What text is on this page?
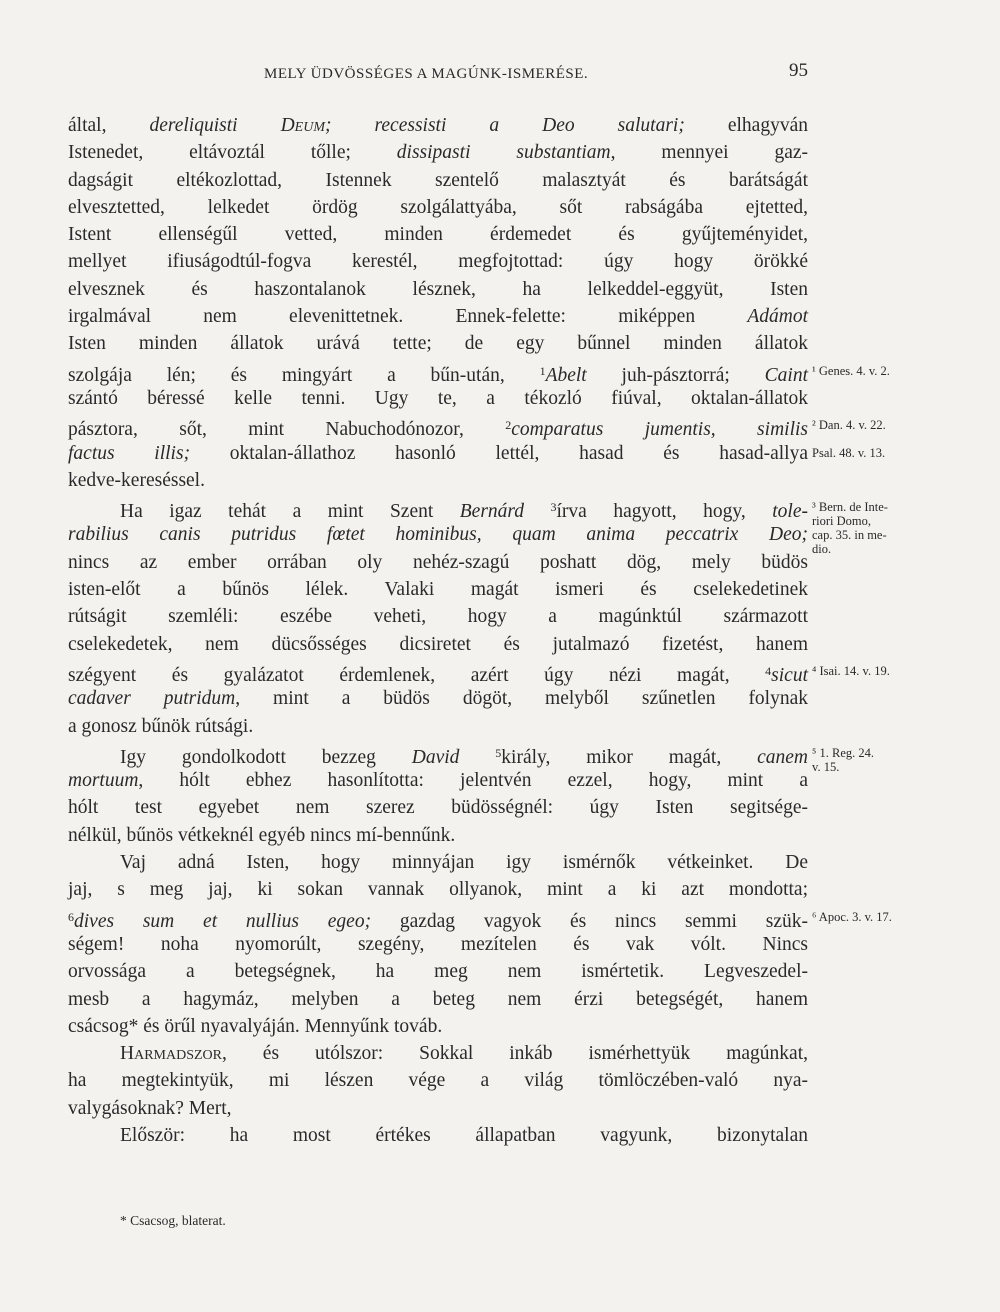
MELY ÜDVÖSSÉGES A MAGÚNK-ISMERÉSE.	95
által, dereliquisti Deum; recessisti a Deo salutari; elhagyván
Istenedet, eltávoztál tőlle; dissipasti substantiam, mennyei gaz-
dagságit eltékozlottad, Istennek szentelő malasztyát és barátságát
elvesztetted, lelkedet ördög szolgálattyába, sőt rabságába ejtetted,
Istent ellenségűl vetted, minden érdemedet és gyűjteményidet,
mellyet ifiuságodtúl-fogva kerestél, megfojtottad: úgy hogy örökké
elvesznek és haszontalanok lésznek, ha lelkeddel-eggyüt, Isten
irgalmával nem elevenittetnek. Ennek-felette: miképpen Adámot
Isten minden állatok urává tette; de egy bűnnel minden állatok
szolgája lén; és mingyárt a bűn-után, $^1$Abelt juh-pásztorrá; Caint
szántó béressé kelle tenni. Ugy te, a tékozló fiúval, oktalan-állatok
pásztora, sőt, mint Nabuchodónozor, $^2$comparatus jumentis, similis
factus illis; oktalan-állathoz hasonló lettél, hasad és hasad-allya
kedve-kereséssel.
Ha igaz tehát a mint Szent Bernárd $^3$írva hagyott, hogy, tole-
rabilius canis putridus fœtet hominibus, quam anima peccatrix Deo;
nincs az ember orrában oly nehéz-szagú poshatt dög, mely büdös
isten-előt a bűnös lélek. Valaki magát ismeri és cselekedetinek
rútságit szemléli: eszébe veheti, hogy a magúnktúl származott
cselekedetek, nem dücsősséges dicsiretet és jutalmazó fizetést, hanem
szégyent és gyalázatot érdemlenek, azért úgy nézi magát, $^4$sicut
cadaver putridum, mint a büdös dögöt, melyből szűnetlen folynak
a gonosz bűnök rútsági.
Igy gondolkodott bezzeg David	$^5$király, mikor magát, canem
mortuum, hólt ebhez hasonlította: jelentvén ezzel, hogy, mint a
hólt test egyebet nem szerez büdösségnél: úgy Isten segitsége-
nélkül, bűnös vétkeknél egyéb nincs mí-bennűnk.
Vaj adná Isten, hogy minnyájan igy ismérnők vétkeinket. De
jaj, s meg jaj, ki sokan vannak ollyanok, mint a ki azt mondotta;
$^6$dives sum et nullius egeo; gazdag vagyok és nincs semmi szük-
ségem! noha nyomorúlt, szegény, mezítelen és vak vólt. Nincs
orvossága a betegségnek, ha meg nem ismértetik. Legveszedel-
mesb a hagymáz, melyben a beteg nem érzi betegségét, hanem
csácsog* és örűl nyavalyáján. Mennyűnk továb.
Harmadszor, és utólszor: Sokkal inkáb ismérhettyük magúnkat,
ha megtekintyük, mi lészen vége a világ tömlöczében-való nya-
valygásoknak? Mert,
Először: ha most értékes állapatban vagyunk, bizonytalan
¹ Genes. 4. v. 2.
² Dan. 4. v. 22.
Psal. 48. v. 13.
³ Bern. de Inte-
riori Domo,
cap. 35. in me-
dio.
⁴ Isai. 14. v. 19.
⁵ 1. Reg. 24.
v. 15.
⁶ Apoc. 3. v. 17.
* Csacsog, blaterat.
